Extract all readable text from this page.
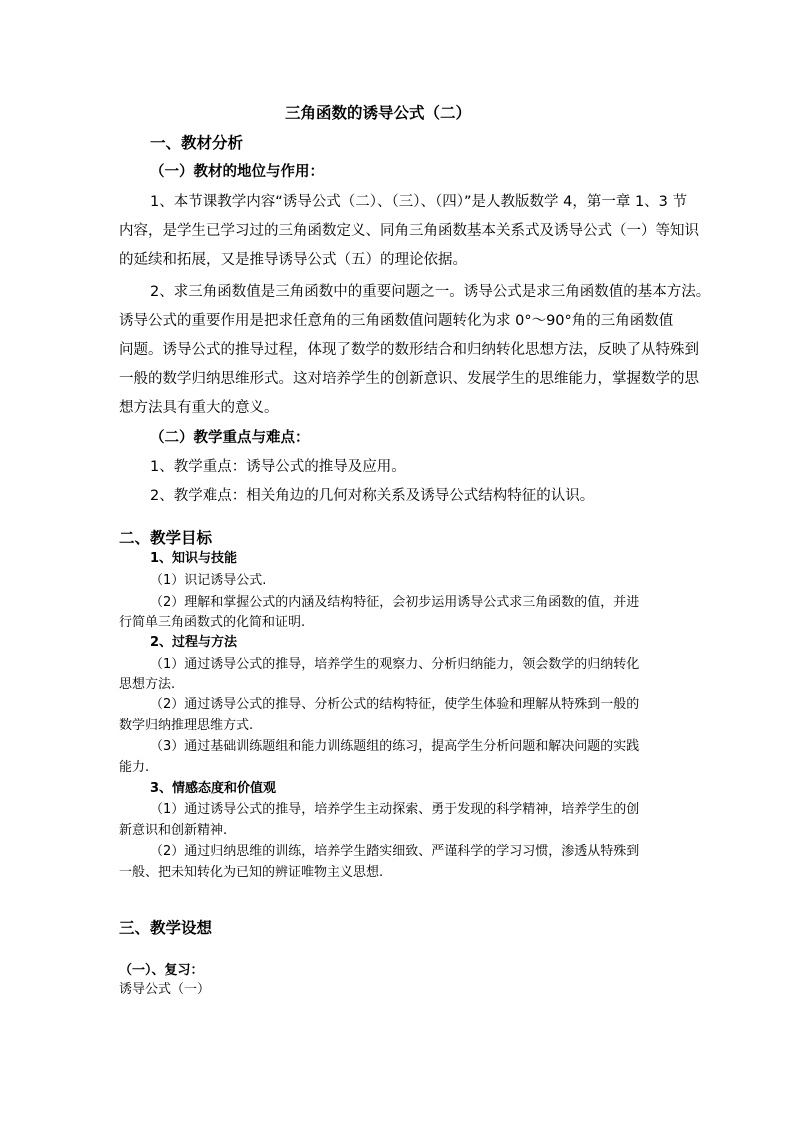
三角函数的诱导公式（二）
一、教材分析
（一）教材的地位与作用：
1、本节课教学内容“诱导公式（二）、（三）、（四）”是人教版数学 4，第一章 1、3 节
内容，是学生已学习过的三角函数定义、同角三角函数基本关系式及诱导公式（一）等知识
的延续和拓展，又是推导诱导公式（五）的理论依据。
2、求三角函数值是三角函数中的重要问题之一。诱导公式是求三角函数值的基本方法。
诱导公式的重要作用是把求任意角的三角函数值问题转化为求 0°～90°角的三角函数值
问题。诱导公式的推导过程，体现了数学的数形结合和归纳转化思想方法，反映了从特殊到
一般的数学归纳思维形式。这对培养学生的创新意识、发展学生的思维能力，掌握数学的思
想方法具有重大的意义。
（二）教学重点与难点：
1、教学重点：诱导公式的推导及应用。
2、教学难点：相关角边的几何对称关系及诱导公式结构特征的认识。
二、教学目标
1、知识与技能
（1）识记诱导公式.
（2）理解和掌握公式的内涵及结构特征，会初步运用诱导公式求三角函数的值，并进
行简单三角函数式的化简和证明.
2、过程与方法
（1）通过诱导公式的推导，培养学生的观察力、分析归纳能力，领会数学的归纳转化
思想方法.
（2）通过诱导公式的推导、分析公式的结构特征，使学生体验和理解从特殊到一般的
数学归纳推理思维方式.
（3）通过基础训练题组和能力训练题组的练习，提高学生分析问题和解决问题的实践
能力.
3、情感态度和价值观
（1）通过诱导公式的推导，培养学生主动探索、勇于发现的科学精神，培养学生的创
新意识和创新精神.
（2）通过归纳思维的训练，培养学生踏实细致、严谨科学的学习习惯，渗透从特殊到
一般、把未知转化为已知的辨证唯物主义思想.
三、教学设想
（一）、复习：
诱导公式（一）
